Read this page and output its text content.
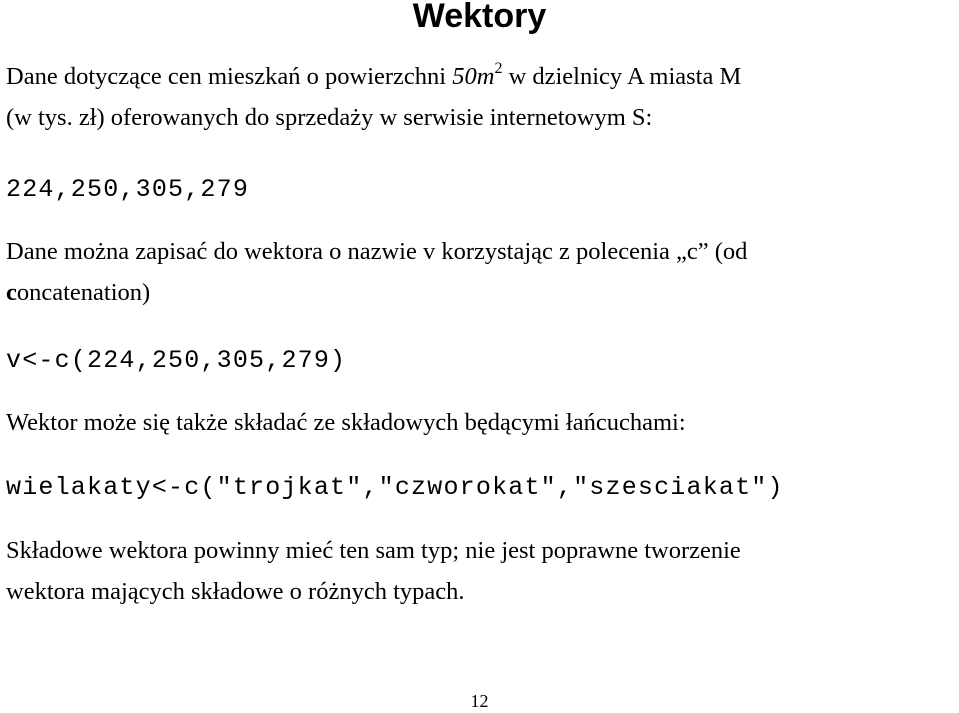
Wektory
Dane dotyczące cen mieszkań o powierzchni $50m^2$ w dzielnicy A miasta M
(w tys. zł) oferowanych do sprzedaży w serwisie internetowym S:
224,250,305,279
Dane można zapisać do wektora o nazwie v korzystając z polecenia „c” (od
concatenation)
v<-c(224,250,305,279)
Wektor może się także składać ze składowych będącymi łańcuchami:
wielakaty<-c("trojkat","czworokat","szesciakat")
Składowe wektora powinny mieć ten sam typ; nie jest poprawne tworzenie
wektora mających składowe o różnych typach.
12
